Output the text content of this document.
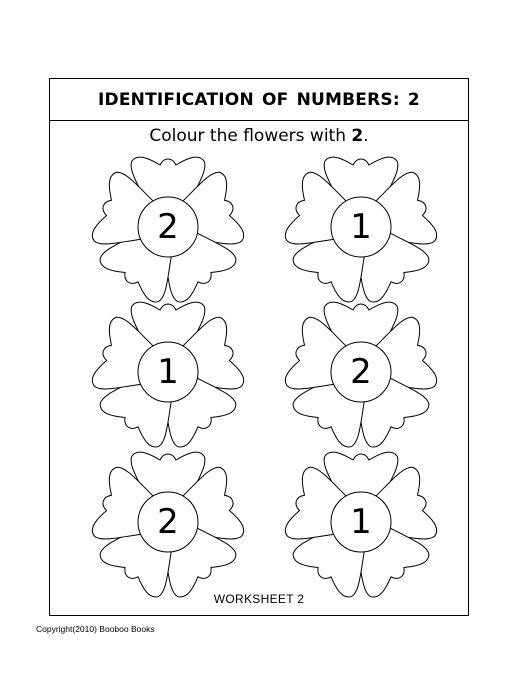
IDENTIFICATION OF NUMBERS: 2
Colour the flowers with 2.
2	1
1	2
2	1
WORKSHEET 2
Copyright(2010) Booboo Books
